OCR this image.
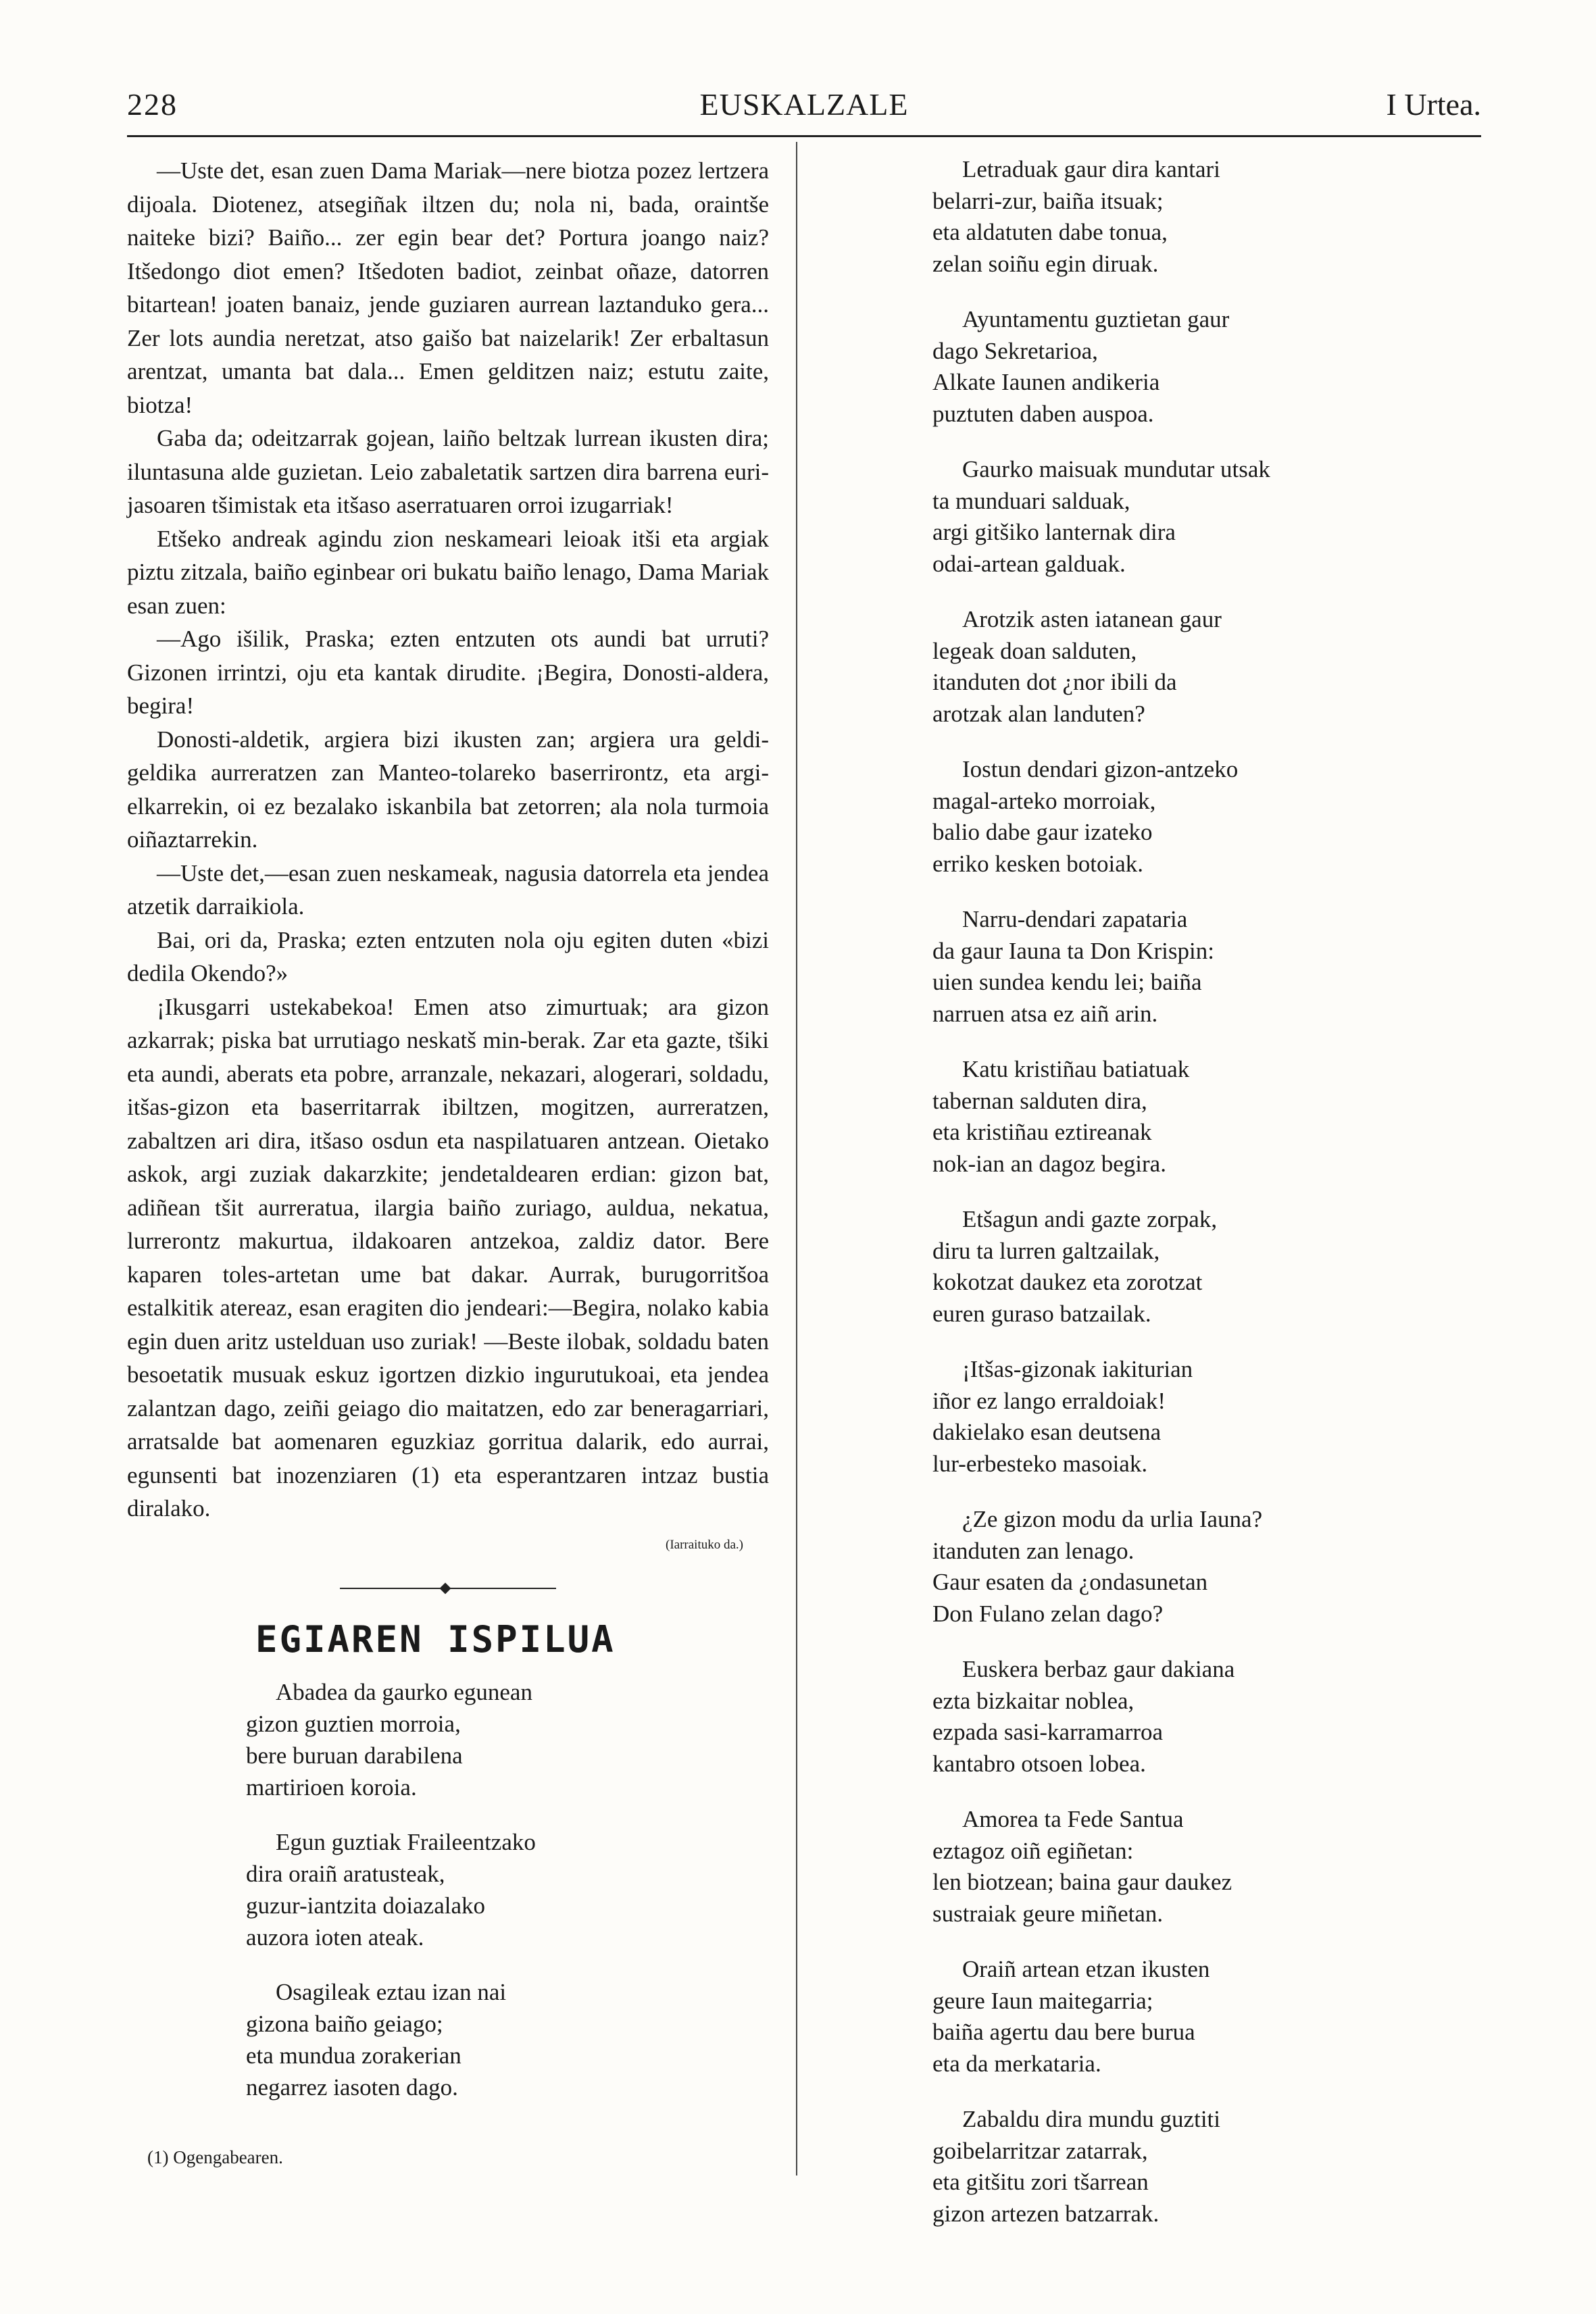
228	EUSKALZALE	I Urtea.

—Uste det, esan zuen Dama Mariak—nere biotza pozez lertzera dijoala. Diotenez, atsegiñak iltzen du; nola ni, bada, oraintše naiteke bizi? Baiño... zer egin bear det? Portura joango naiz? Itšedongo diot emen? Itšedoten badiot, zeinbat oñaze, datorren bitartean! joaten banaiz, jende guziaren aurrean laztanduko gera... Zer lots aundia neretzat, atso gaišo bat naizelarik! Zer erbaltasun arentzat, umanta bat dala... Emen gelditzen naiz; estutu zaite, biotza!

Gaba da; odeitzarrak gojean, laiño beltzak lurrean ikusten dira; iluntasuna alde guzietan. Leio zabaletatik sartzen dira barrena euri-jasoaren tšimistak eta itšaso aserratuaren orroi izugarriak!

Etšeko andreak agindu zion neskameari leioak itši eta argiak piztu zitzala, baiño eginbear ori bukatu baiño lenago, Dama Mariak esan zuen:

—Ago išilik, Praska; ezten entzuten ots aundi bat urruti? Gizonen irrintzi, oju eta kantak dirudite. ¡Begira, Donosti-aldera, begira!

Donosti-aldetik, argiera bizi ikusten zan; argiera ura geldi-geldika aurreratzen zan Manteo-tolareko baserrirontz, eta argi-elkarrekin, oi ez bezalako iskanbila bat zetorren; ala nola turmoia oiñaztarrekin.

—Uste det,—esan zuen neskameak, nagusia datorrela eta jendea atzetik darraikiola.

Bai, ori da, Praska; ezten entzuten nola oju egiten duten «bizi dedila Okendo?»

¡Ikusgarri ustekabekoa! Emen atso zimurtuak; ara gizon azkarrak; piska bat urrutiago neskatš min-berak. Zar eta gazte, tšiki eta aundi, aberats eta pobre, arranzale, nekazari, alogerari, soldadu, itšas-gizon eta baserritarrak ibiltzen, mogitzen, aurreratzen, zabaltzen ari dira, itšaso osdun eta naspilatuaren antzean. Oietako askok, argi zuziak dakarzkite; jendetaldearen erdian: gizon bat, adiñean tšit aurreratua, ilargia baiño zuriago, auldua, nekatua, lurrerontz makurtua, ildakoaren antzekoa, zaldiz dator. Bere kaparen toles-artetan ume bat dakar. Aurrak, burugorritšoa estalkitik atereaz, esan eragiten dio jendeari:—Begira, nolako kabia egin duen aritz ustelduan uso zuriak! —Beste ilobak, soldadu baten besoetatik musuak eskuz igortzen dizkio ingurutukoai, eta jendea zalantzan dago, zeiñi geiago dio maitatzen, edo zar beneragarriari, arratsalde bat aomenaren eguzkiaz gorritua dalarik, edo aurrai, egunsenti bat inozenziaren (1) eta esperantzaren intzaz bustia diralako.

(Iarraituko da.)
EGIAREN ISPILUA
Abadea da gaurko egunean
gizon guztien morroia,
bere buruan darabilena
martirioen koroia.
Egun guztiak Fraileentzako
dira oraiñ aratusteak,
guzur-iantzita doiazalako
auzora ioten ateak.
Osagileak eztau izan nai
gizona baiño geiago;
eta mundua zorakerian
negarrez iasoten dago.
(1) Ogengabearen.
Letraduak gaur dira kantari
belarri-zur, baiña itsuak;
eta aldatuten dabe tonua,
zelan soiñu egin diruak.
Ayuntamentu guztietan gaur
dago Sekretarioa,
Alkate Iaunen andikeria
puztuten daben auspoa.
Gaurko maisuak mundutar utsak
ta munduari salduak,
argi gitšiko lanternak dira
odai-artean galduak.
Arotzik asten iatanean gaur
legeak doan salduten,
itanduten dot ¿nor ibili da
arotzak alan landuten?
Iostun dendari gizon-antzeko
magal-arteko morroiak,
balio dabe gaur izateko
erriko kesken botoiak.
Narru-dendari zapataria
da gaur Iauna ta Don Krispin:
uien sundea kendu lei; baiña
narruen atsa ez aiñ arin.
Katu kristiñau batiatuak
tabernan salduten dira,
eta kristiñau eztireanak
nok-ian an dagoz begira.
Etšagun andi gazte zorpak,
diru ta lurren galtzailak,
kokotzat daukez eta zorotzat
euren guraso batzailak.
¡Itšas-gizonak iakiturian
iñor ez lango erraldoiak!
dakielako esan deutsena
lur-erbesteko masoiak.
¿Ze gizon modu da urlia Iauna?
itanduten zan lenago.
Gaur esaten da ¿ondasunetan
Don Fulano zelan dago?
Euskera berbaz gaur dakiana
ezta bizkaitar noblea,
ezpada sasi-karramarroa
kantabro otsoen lobea.
Amorea ta Fede Santua
eztagoz oiñ egiñetan:
len biotzean; baina gaur daukez
sustraiak geure miñetan.
Oraiñ artean etzan ikusten
geure Iaun maitegarria;
baiña agertu dau bere burua
eta da merkataria.
Zabaldu dira mundu guztiti
goibelarritzar zatarrak,
eta gitšitu zori tšarrean
gizon artezen batzarrak.
